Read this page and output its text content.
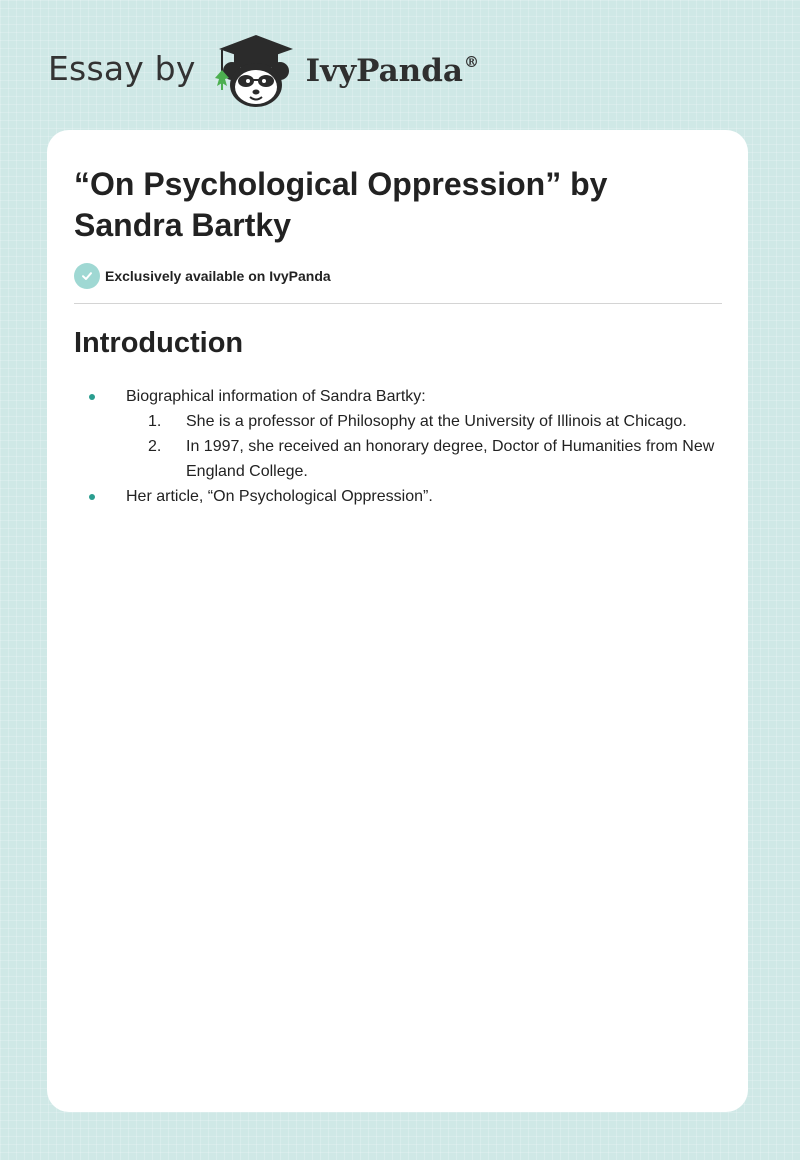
Essay by	IvyPanda®
“On Psychological Oppression” by Sandra Bartky
Exclusively available on IvyPanda
Introduction
Biographical information of Sandra Bartky:
1. She is a professor of Philosophy at the University of Illinois at Chicago.
2. In 1997, she received an honorary degree, Doctor of Humanities from New England College.
Her article, “On Psychological Oppression”.
